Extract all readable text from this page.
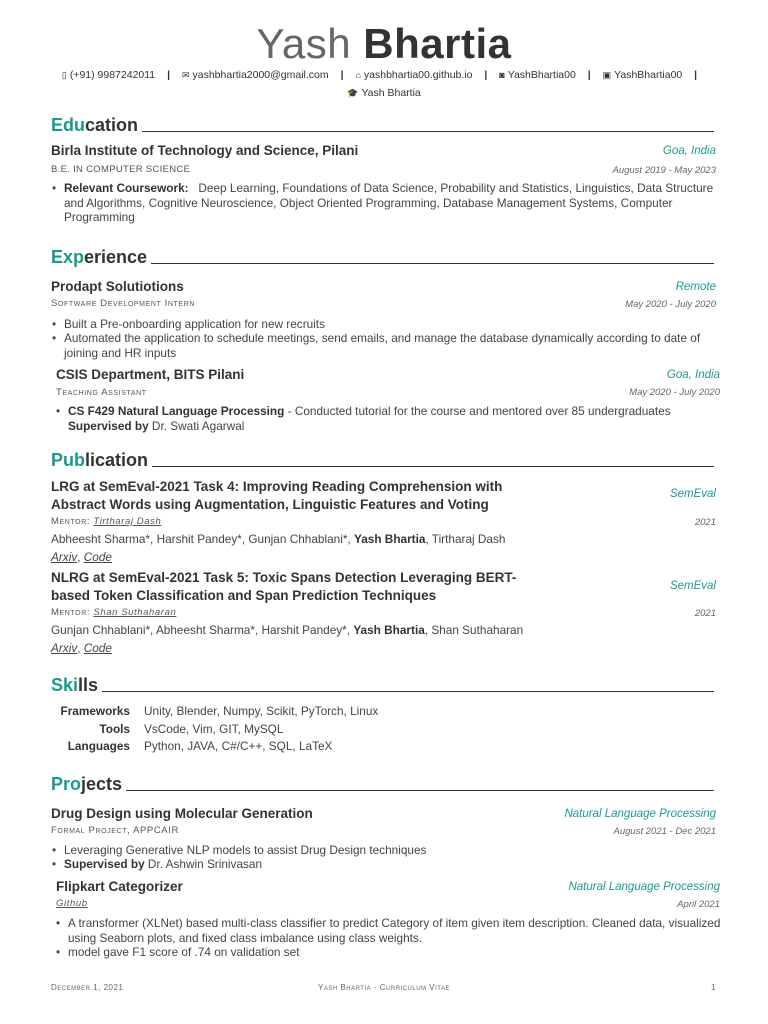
Yash Bhartia
▯ (+91) 9987242011 | ✉ yashbhartia2000@gmail.com | ⌂ yashbhartia00.github.io | ◙ YashBhartia00 | ▣ YashBhartia00 |
🎓 Yash Bhartia
Edu cation
Birla Institute of Technology and Science, Pilani	Goa, India
B.E. IN COMPUTER SCIENCE	August 2019 - May 2023
• Relevant Coursework: Deep Learning, Foundations of Data Science, Probability and Statistics, Linguistics, Data Structure and Algorithms, Cognitive Neuroscience, Object Oriented Programming, Database Management Systems, Computer Programming
Exp erience
Prodapt Solutiotions	Remote
Software Development Intern	May 2020 - July 2020
• Built a Pre-onboarding application for new recruits
• Automated the application to schedule meetings, send emails, and manage the database dynamically according to date of joining and HR inputs
CSIS Department, BITS Pilani	Goa, India
Teaching Assistant	May 2020 - July 2020
• CS F429 Natural Language Processing - Conducted tutorial for the course and mentored over 85 undergraduates Supervised by Dr. Swati Agarwal
Pub lication
LRG at SemEval-2021 Task 4: Improving Reading Comprehension with Abstract Words using Augmentation, Linguistic Features and Voting
SemEval
Mentor: Tirtharaj Dash	2021
Abheesht Sharma*, Harshit Pandey*, Gunjan Chhablani*, Yash Bhartia, Tirtharaj Dash
Arxiv, Code
NLRG at SemEval-2021 Task 5: Toxic Spans Detection Leveraging BERT-based Token Classification and Span Prediction Techniques
SemEval
Mentor: Shan Suthaharan	2021
Gunjan Chhablani*, Abheesht Sharma*, Harshit Pandey*, Yash Bhartia, Shan Suthaharan
Arxiv, Code
Ski lls
Frameworks Unity, Blender, Numpy, Scikit, PyTorch, Linux
Tools VsCode, Vim, GIT, MySQL
Languages Python, JAVA, C#/C++, SQL, LaTeX
Pro jects
Drug Design using Molecular Generation	Natural Language Processing
Formal Project, APPCAIR	August 2021 - Dec 2021
• Leveraging Generative NLP models to assist Drug Design techniques
• Supervised by Dr. Ashwin Srinivasan
Flipkart Categorizer	Natural Language Processing
Github	April 2021
• A transformer (XLNet) based multi-class classifier to predict Category of item given item description. Cleaned data, visualized using Seaborn plots, and fixed class imbalance using class weights.
• model gave F1 score of .74 on validation set
December 1, 2021	Yash Bhartia · Curriculum Vitae	1
